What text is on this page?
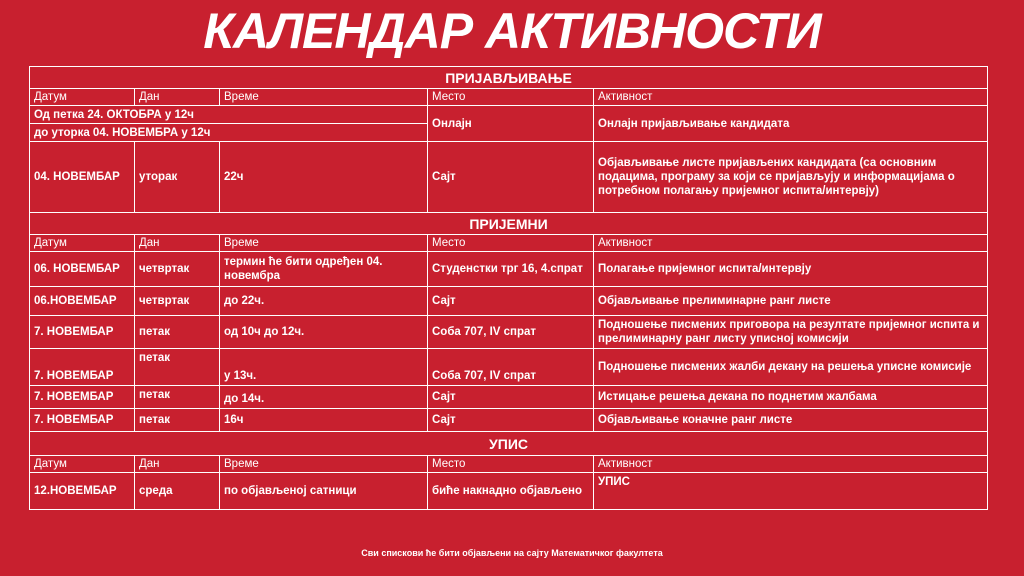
КАЛЕНДАР АКТИВНОСТИ
ПРИЈАВЉИВАЊЕ				
Датум	Дан	Време	Место	Активност
Од петка 24. ОКТОБРА у 12ч			Онлајн	Онлајн пријављивање кандидата
до уторка 04. НОВЕМБРА у 12ч				
04. НОВЕМБАР	уторак	22ч	Сајт	Објављивање листе пријављених кандидата (са основним подацима, програму за који се пријављују и информацијама о потребном полагању пријемног испита/интервју)
ПРИЈЕМНИ				
Датум	Дан	Време	Место	Активност
06. НОВЕМБАР	четвртак	термин ће бити одређен 04. новембра	Студенстки трг 16, 4.спрат	Полагање пријемног испита/интервју
06.НОВЕМБАР	четвртак	до 22ч.	Сајт	Објављивање прелиминарне ранг листе
7. НОВЕМБАР	петак	од 10ч до 12ч.	Соба 707, IV спрат	Подношење писмених приговора на резултате пријемног испита и прелиминарну ранг листу уписној комисији
7. НОВЕМБАР	петак	у 13ч.	Соба 707, IV спрат	Подношење писмених жалби декану на решења уписне комисије
7. НОВЕМБАР	петак	до 14ч.	Сајт	Истицање решења декана по поднетим жалбама
7. НОВЕМБАР	петак	16ч	Сајт	Објављивање коначне ранг листе
УПИС				
Датум	Дан	Време	Место	Активност
12.НОВЕМБАР	среда	по објављеној сатници	биће накнадно објављено	УПИС
Сви спискови ће бити објављени на сајту Математичког факултета
